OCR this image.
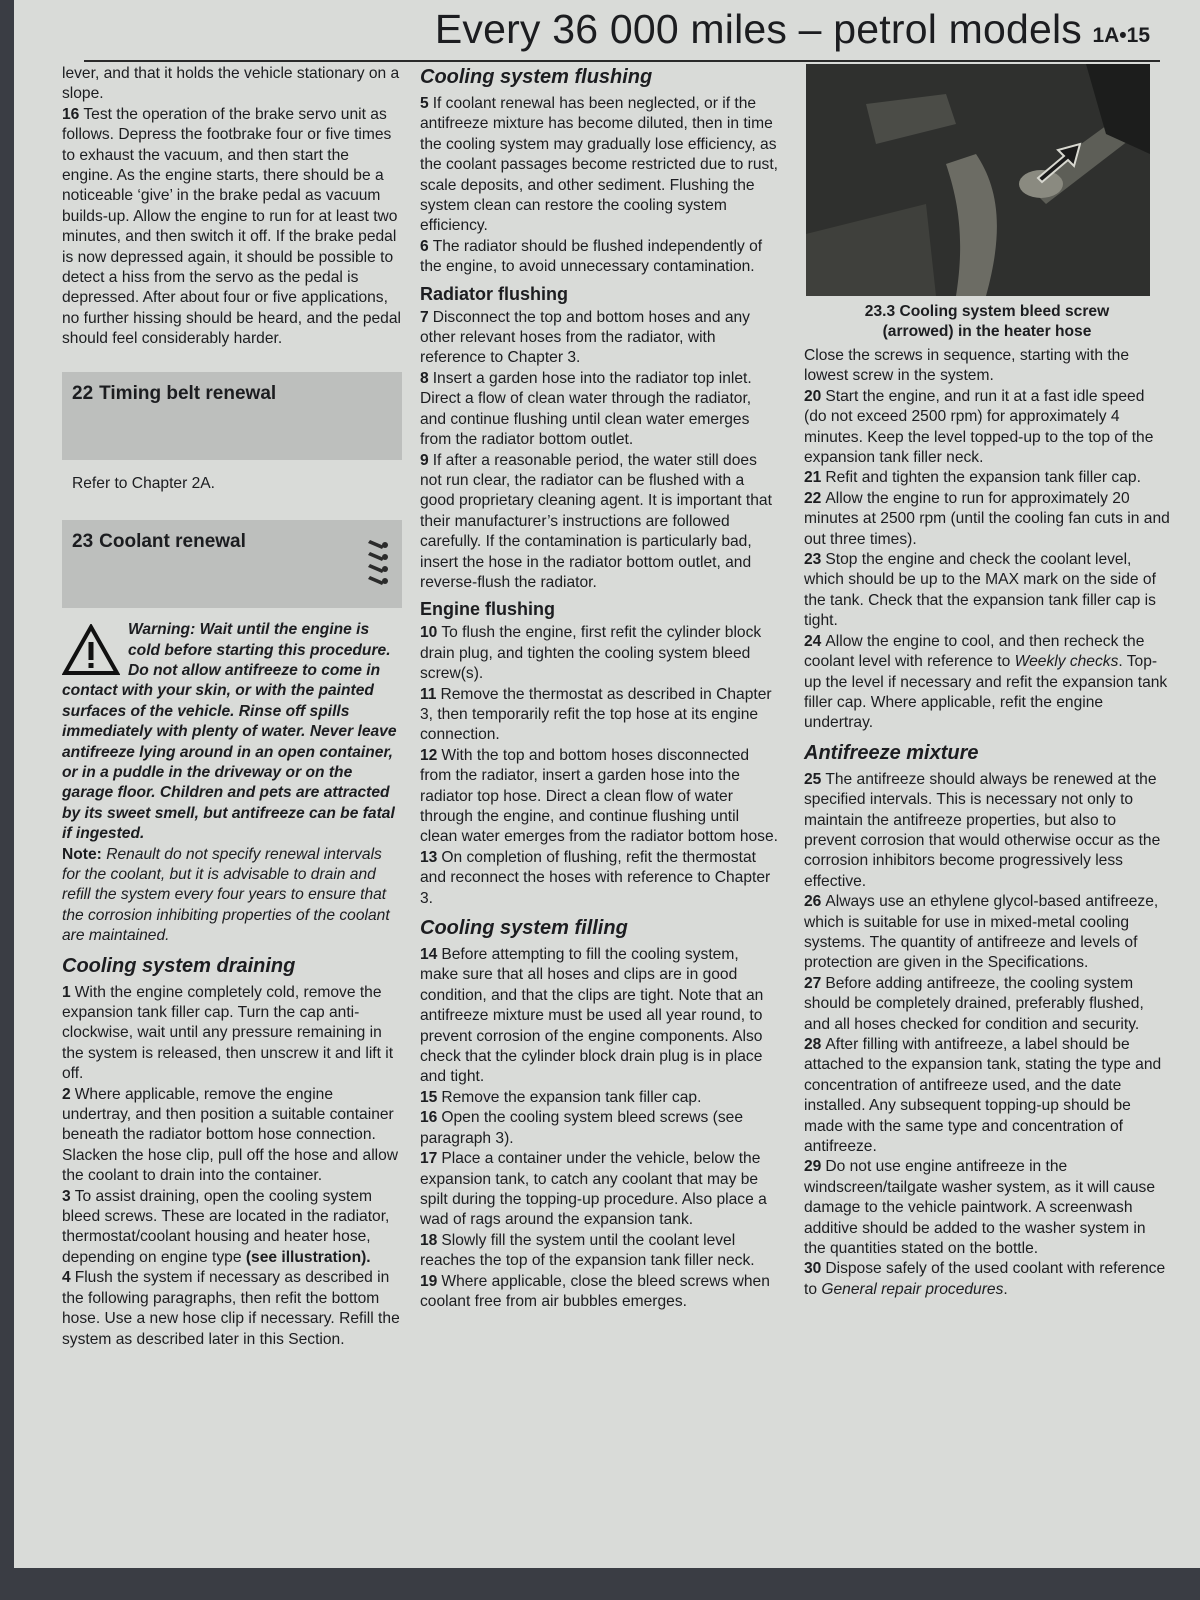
Every 36 000 miles – petrol models 1A•15

lever, and that it holds the vehicle stationary on a slope.

16 Test the operation of the brake servo unit as follows. Depress the footbrake four or five times to exhaust the vacuum, and then start the engine. As the engine starts, there should be a noticeable ‘give’ in the brake pedal as vacuum builds-up. Allow the engine to run for at least two minutes, and then switch it off. If the brake pedal is now depressed again, it should be possible to detect a hiss from the servo as the pedal is depressed. After about four or five applications, no further hissing should be heard, and the pedal should feel considerably harder.

22 Timing belt renewal

Refer to Chapter 2A.

23 Coolant renewal

Warning: Wait until the engine is cold before starting this procedure. Do not allow antifreeze to come in contact with your skin, or with the painted surfaces of the vehicle. Rinse off spills immediately with plenty of water. Never leave antifreeze lying around in an open container, or in a puddle in the driveway or on the garage floor. Children and pets are attracted by its sweet smell, but antifreeze can be fatal if ingested.

Note: Renault do not specify renewal intervals for the coolant, but it is advisable to drain and refill the system every four years to ensure that the corrosion inhibiting properties of the coolant are maintained.

Cooling system draining

1 With the engine completely cold, remove the expansion tank filler cap. Turn the cap anti-clockwise, wait until any pressure remaining in the system is released, then unscrew it and lift it off.

2 Where applicable, remove the engine undertray, and then position a suitable container beneath the radiator bottom hose connection. Slacken the hose clip, pull off the hose and allow the coolant to drain into the container.

3 To assist draining, open the cooling system bleed screws. These are located in the radiator, thermostat/coolant housing and heater hose, depending on engine type (see illustration).

4 Flush the system if necessary as described in the following paragraphs, then refit the bottom hose. Use a new hose clip if necessary. Refill the system as described later in this Section.

Cooling system flushing

5 If coolant renewal has been neglected, or if the antifreeze mixture has become diluted, then in time the cooling system may gradually lose efficiency, as the coolant passages become restricted due to rust, scale deposits, and other sediment. Flushing the system clean can restore the cooling system efficiency.

6 The radiator should be flushed independently of the engine, to avoid unnecessary contamination.

Radiator flushing

7 Disconnect the top and bottom hoses and any other relevant hoses from the radiator, with reference to Chapter 3.

8 Insert a garden hose into the radiator top inlet. Direct a flow of clean water through the radiator, and continue flushing until clean water emerges from the radiator bottom outlet.

9 If after a reasonable period, the water still does not run clear, the radiator can be flushed with a good proprietary cleaning agent. It is important that their manufacturer’s instructions are followed carefully. If the contamination is particularly bad, insert the hose in the radiator bottom outlet, and reverse-flush the radiator.

Engine flushing

10 To flush the engine, first refit the cylinder block drain plug, and tighten the cooling system bleed screw(s).

11 Remove the thermostat as described in Chapter 3, then temporarily refit the top hose at its engine connection.

12 With the top and bottom hoses disconnected from the radiator, insert a garden hose into the radiator top hose. Direct a clean flow of water through the engine, and continue flushing until clean water emerges from the radiator bottom hose.

13 On completion of flushing, refit the thermostat and reconnect the hoses with reference to Chapter 3.

Cooling system filling

14 Before attempting to fill the cooling system, make sure that all hoses and clips are in good condition, and that the clips are tight. Note that an antifreeze mixture must be used all year round, to prevent corrosion of the engine components. Also check that the cylinder block drain plug is in place and tight.

15 Remove the expansion tank filler cap.

16 Open the cooling system bleed screws (see paragraph 3).

17 Place a container under the vehicle, below the expansion tank, to catch any coolant that may be spilt during the topping-up procedure. Also place a wad of rags around the expansion tank.

18 Slowly fill the system until the coolant level reaches the top of the expansion tank filler neck.

19 Where applicable, close the bleed screws when coolant free from air bubbles emerges.

23.3 Cooling system bleed screw
(arrowed) in the heater hose

Close the screws in sequence, starting with the lowest screw in the system.

20 Start the engine, and run it at a fast idle speed (do not exceed 2500 rpm) for approximately 4 minutes. Keep the level topped-up to the top of the expansion tank filler neck.

21 Refit and tighten the expansion tank filler cap.

22 Allow the engine to run for approximately 20 minutes at 2500 rpm (until the cooling fan cuts in and out three times).

23 Stop the engine and check the coolant level, which should be up to the MAX mark on the side of the tank. Check that the expansion tank filler cap is tight.

24 Allow the engine to cool, and then recheck the coolant level with reference to Weekly checks. Top-up the level if necessary and refit the expansion tank filler cap. Where applicable, refit the engine undertray.

Antifreeze mixture

25 The antifreeze should always be renewed at the specified intervals. This is necessary not only to maintain the antifreeze properties, but also to prevent corrosion that would otherwise occur as the corrosion inhibitors become progressively less effective.

26 Always use an ethylene glycol-based antifreeze, which is suitable for use in mixed-metal cooling systems. The quantity of antifreeze and levels of protection are given in the Specifications.

27 Before adding antifreeze, the cooling system should be completely drained, preferably flushed, and all hoses checked for condition and security.

28 After filling with antifreeze, a label should be attached to the expansion tank, stating the type and concentration of antifreeze used, and the date installed. Any subsequent topping-up should be made with the same type and concentration of antifreeze.

29 Do not use engine antifreeze in the windscreen/tailgate washer system, as it will cause damage to the vehicle paintwork. A screenwash additive should be added to the washer system in the quantities stated on the bottle.

30 Dispose safely of the used coolant with reference to General repair procedures.
